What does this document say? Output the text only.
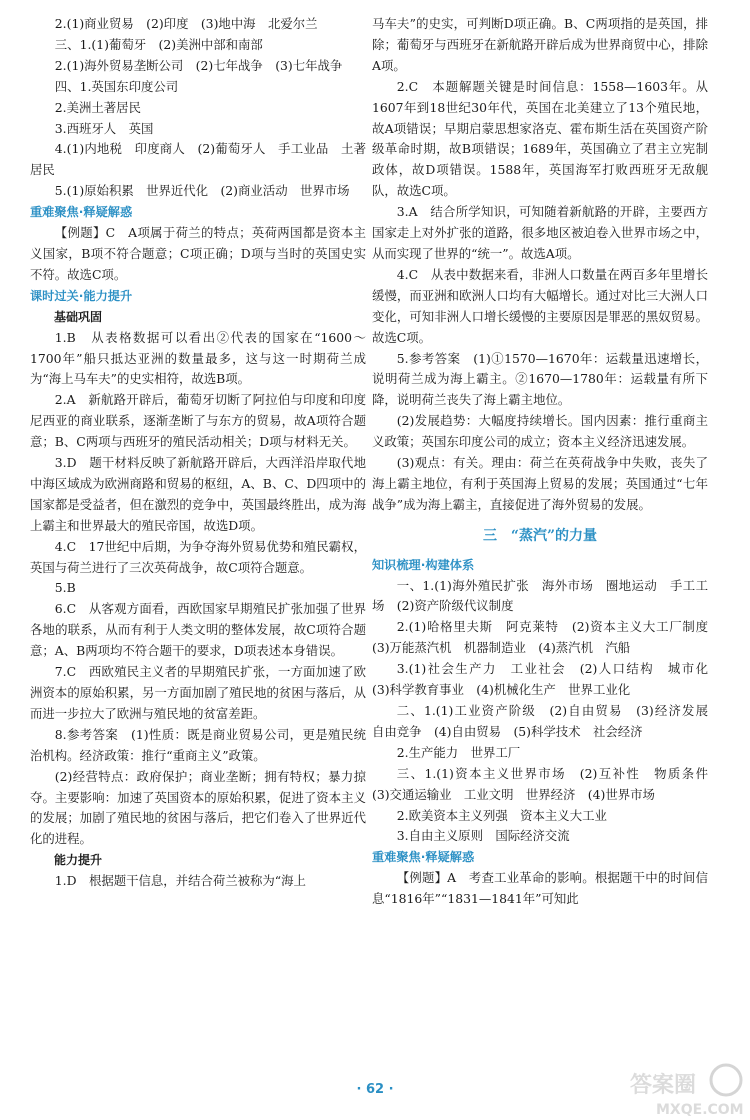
2.(1)商业贸易　(2)印度　(3)地中海　北爱尔兰

三、1.(1)葡萄牙　(2)美洲中部和南部

2.(1)海外贸易垄断公司　(2)七年战争　(3)七年战争

四、1.英国东印度公司

2.美洲土著居民

3.西班牙人　英国

4.(1)内地税　印度商人　(2)葡萄牙人　手工业品　土著居民

5.(1)原始积累　世界近代化　(2)商业活动　世界市场

重难聚焦·释疑解惑

【例题】C　A项属于荷兰的特点；英荷两国都是资本主义国家，B项不符合题意；C项正确；D项与当时的英国史实不符。故选C项。

课时过关·能力提升

基础巩固

1.B　从表格数据可以看出②代表的国家在“1600～1700年”船只抵达亚洲的数量最多，这与这一时期荷兰成为“海上马车夫”的史实相符，故选B项。

2.A　新航路开辟后，葡萄牙切断了阿拉伯与印度和印度尼西亚的商业联系，逐渐垄断了与东方的贸易，故A项符合题意；B、C两项与西班牙的殖民活动相关；D项与材料无关。

3.D　题干材料反映了新航路开辟后，大西洋沿岸取代地中海区域成为欧洲商路和贸易的枢纽，A、B、C、D四项中的国家都是受益者，但在激烈的竞争中，英国最终胜出，成为海上霸主和世界最大的殖民帝国，故选D项。

4.C　17世纪中后期，为争夺海外贸易优势和殖民霸权，英国与荷兰进行了三次英荷战争，故C项符合题意。

5.B

6.C　从客观方面看，西欧国家早期殖民扩张加强了世界各地的联系，从而有利于人类文明的整体发展，故C项符合题意；A、B两项均不符合题干的要求，D项表述本身错误。

7.C　西欧殖民主义者的早期殖民扩张，一方面加速了欧洲资本的原始积累，另一方面加剧了殖民地的贫困与落后，从而进一步拉大了欧洲与殖民地的贫富差距。

8.参考答案　(1)性质：既是商业贸易公司，更是殖民统治机构。经济政策：推行“重商主义”政策。

(2)经营特点：政府保护；商业垄断；拥有特权；暴力掠夺。主要影响：加速了英国资本的原始积累，促进了资本主义的发展；加剧了殖民地的贫困与落后，把它们卷入了世界近代化的进程。

能力提升

1.D　根据题干信息，并结合荷兰被称为“海上

马车夫”的史实，可判断D项正确。B、C两项指的是英国，排除；葡萄牙与西班牙在新航路开辟后成为世界商贸中心，排除A项。

2.C　本题解题关键是时间信息：1558—1603年。从1607年到18世纪30年代，英国在北美建立了13个殖民地，故A项错误；早期启蒙思想家洛克、霍布斯生活在英国资产阶级革命时期，故B项错误；1689年，英国确立了君主立宪制政体，故D项错误。1588年，英国海军打败西班牙无敌舰队，故选C项。

3.A　结合所学知识，可知随着新航路的开辟，主要西方国家走上对外扩张的道路，很多地区被迫卷入世界市场之中，从而实现了世界的“统一”。故选A项。

4.C　从表中数据来看，非洲人口数量在两百多年里增长缓慢，而亚洲和欧洲人口均有大幅增长。通过对比三大洲人口变化，可知非洲人口增长缓慢的主要原因是罪恶的黑奴贸易。故选C项。

5.参考答案　(1)①1570—1670年：运载量迅速增长，说明荷兰成为海上霸主。②1670—1780年：运载量有所下降，说明荷兰丧失了海上霸主地位。

(2)发展趋势：大幅度持续增长。国内因素：推行重商主义政策；英国东印度公司的成立；资本主义经济迅速发展。

(3)观点：有关。理由：荷兰在英荷战争中失败，丧失了海上霸主地位，有利于英国海上贸易的发展；英国通过“七年战争”成为海上霸主，直接促进了海外贸易的发展。

三　“蒸汽”的力量

知识梳理·构建体系

一、1.(1)海外殖民扩张　海外市场　圈地运动　手工工场　(2)资产阶级代议制度

2.(1)哈格里夫斯　阿克莱特　(2)资本主义大工厂制度　(3)万能蒸汽机　机器制造业　(4)蒸汽机　汽船

3.(1)社会生产力　工业社会　(2)人口结构　城市化　(3)科学教育事业　(4)机械化生产　世界工业化

二、1.(1)工业资产阶级　(2)自由贸易　(3)经济发展　自由竞争　(4)自由贸易　(5)科学技术　社会经济

2.生产能力　世界工厂

三、1.(1)资本主义世界市场　(2)互补性　物质条件　(3)交通运输业　工业文明　世界经济　(4)世界市场

2.欧美资本主义列强　资本主义大工业

3.自由主义原则　国际经济交流

重难聚焦·释疑解惑

【例题】A　考查工业革命的影响。根据题干中的时间信息“1816年”“1831—1841年”可知此

· 62 ·	答案圈
MXQE.COM
